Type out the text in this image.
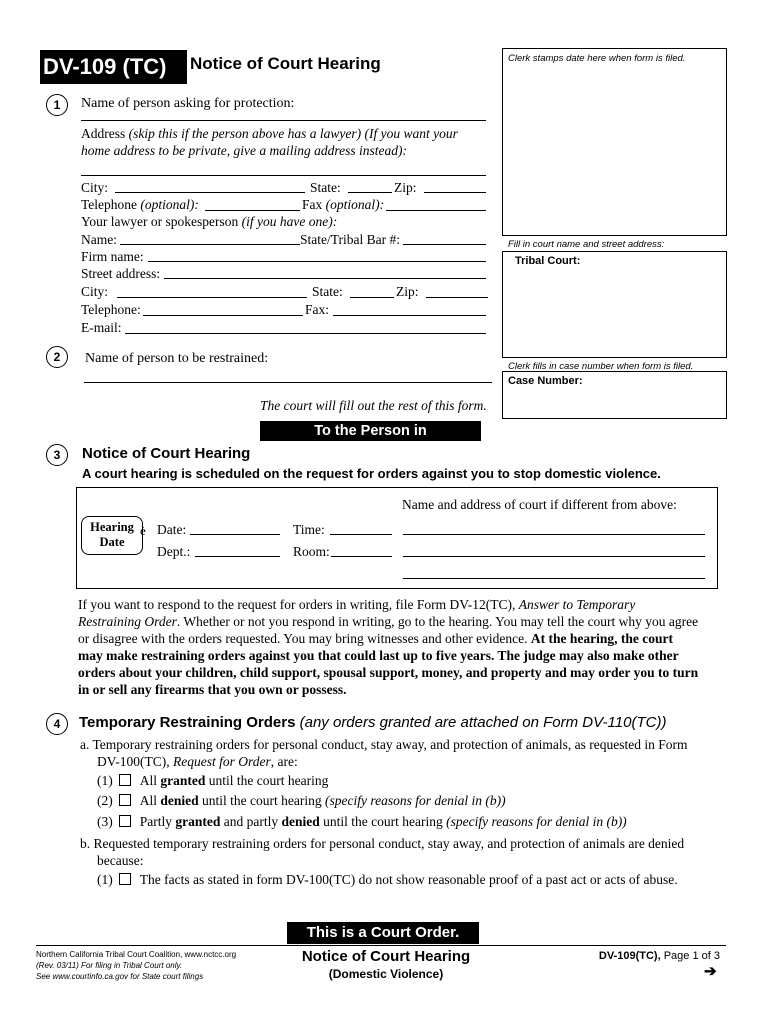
DV-109 (TC)	Notice of Court Hearing	Clerk stamps date here when form is filed.
Fill in court name and street address:
Tribal Court:
Clerk fills in case number when form is filed.
Case Number:
1	Name of person asking for protection:
Address (skip this if the person above has a lawyer) (If you want your
home address to be private, give a mailing address instead):
City:	State:	Zip:
Telephone (optional):	Fax (optional):
Your lawyer or spokesperson (if you have one):
Name:	State/Tribal Bar #:
Firm name:
Street address:
City:	State:	Zip:
Telephone:	Fax:
E-mail:
2	Name of person to be restrained:
The court will fill out the rest of this form.
To the Person in
3	Notice of Court Hearing
A court hearing is scheduled on the request for orders against you to stop domestic violence.
Name and address of court if different from above:
Hearing
Date
è Date:	Time:
Dept.:	Room:
If you want to respond to the request for orders in writing, file Form DV-12(TC), Answer to Temporary
Restraining Order. Whether or not you respond in writing, go to the hearing. You may tell the court why you agree
or disagree with the orders requested. You may bring witnesses and other evidence. At the hearing, the court
may make restraining orders against you that could last up to five years. The judge may also make other
orders about your children, child support, spousal support, money, and property and may order you to turn
in or sell any firearms that you own or possess.
4	Temporary Restraining Orders (any orders granted are attached on Form DV-110(TC))
a. Temporary restraining orders for personal conduct, stay away, and protection of animals, as requested in Form
DV-100(TC), Request for Order, are:
(1) All granted until the court hearing
(2) All denied until the court hearing (specify reasons for denial in (b))
(3) Partly granted and partly denied until the court hearing (specify reasons for denial in (b))
b. Requested temporary restraining orders for personal conduct, stay away, and protection of animals are denied
because:
(1) The facts as stated in form DV-100(TC) do not show reasonable proof of a past act or acts of abuse.
This is a Court Order.
Northern California Tribal Court Coalition, www.nctcc.org
(Rev. 03/11) For filing in Tribal Court only.
See www.courtinfo.ca.gov for State court filings
Notice of Court Hearing
(Domestic Violence)
DV-109(TC), Page 1 of 3
➔
